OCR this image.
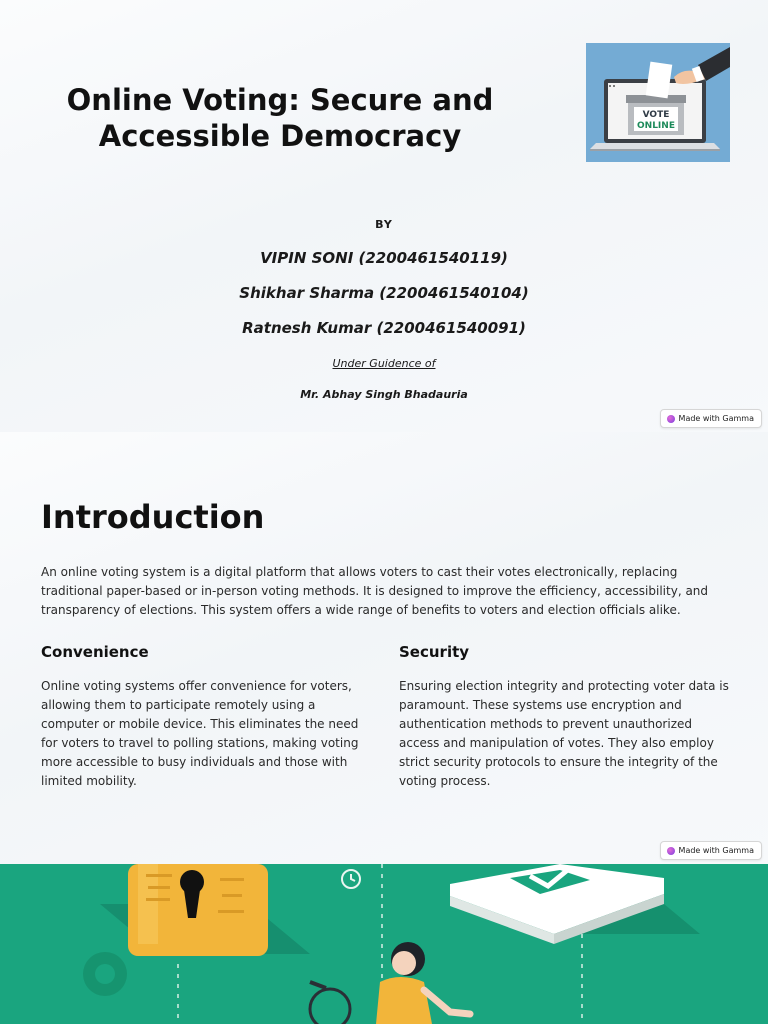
Online Voting: Secure and Accessible Democracy
VOTE
ONLINE
BY
VIPIN SONI (2200461540119)
Shikhar Sharma (2200461540104)
Ratnesh Kumar (2200461540091)
Under Guidence of
Mr. Abhay Singh Bhadauria
Made with Gamma
Introduction

An online voting system is a digital platform that allows voters to cast their votes electronically, replacing traditional paper-based or in-person voting methods. It is designed to improve the efficiency, accessibility, and transparency of elections. This system offers a wide range of benefits to voters and election officials alike.

Convenience

Online voting systems offer convenience for voters, allowing them to participate remotely using a computer or mobile device. This eliminates the need for voters to travel to polling stations, making voting more accessible to busy individuals and those with limited mobility.

Security

Ensuring election integrity and protecting voter data is paramount. These systems use encryption and authentication methods to prevent unauthorized access and manipulation of votes. They also employ strict security protocols to ensure the integrity of the voting process.

Made with Gamma
